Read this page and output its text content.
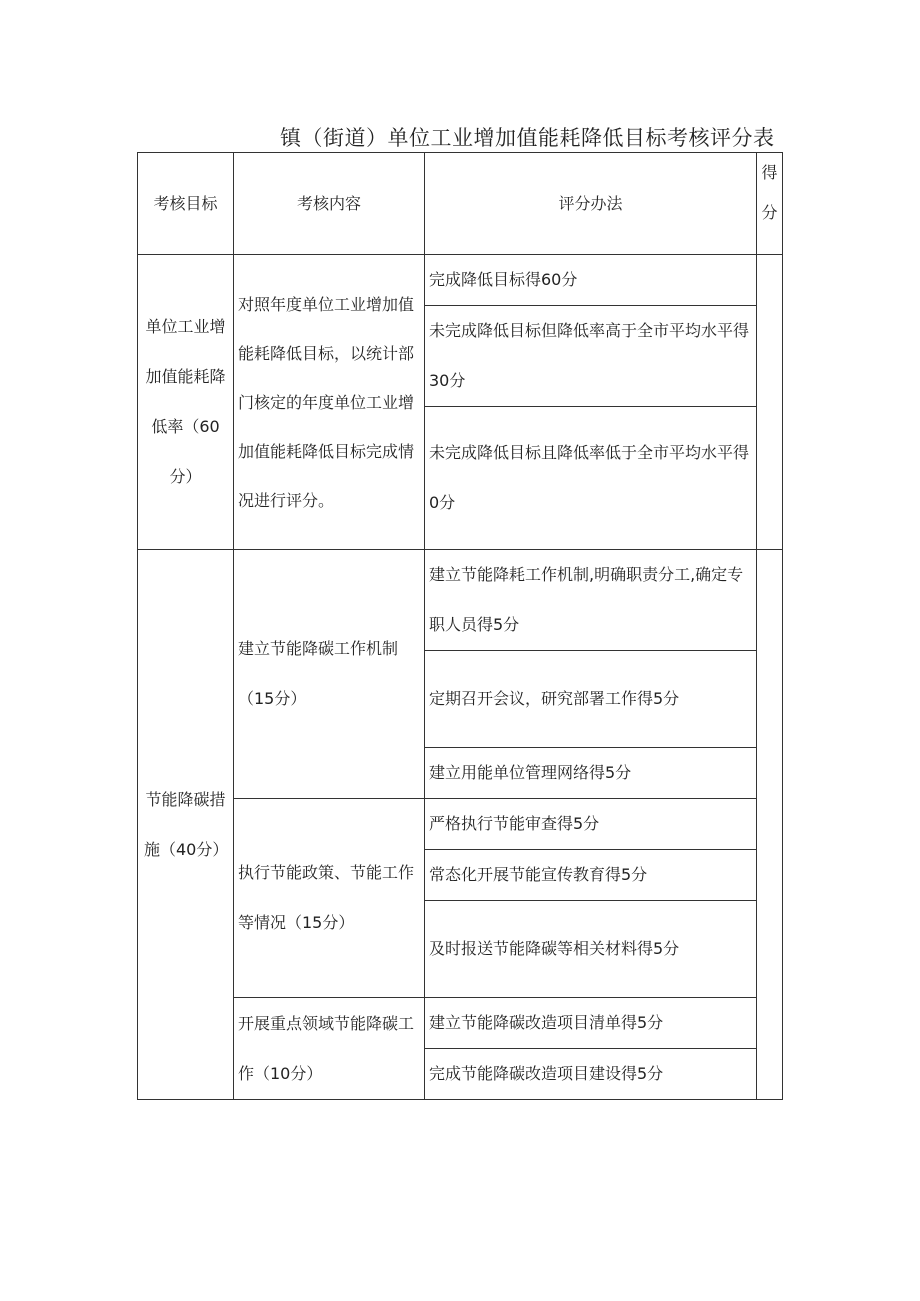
镇（街道）单位工业增加值能耗降低目标考核评分表
考核目标	考核内容	评分办法	得
分

单位工业增加值能耗降低率（60分）	对照年度单位工业增加值能耗降低目标，以统计部门核定的年度单位工业增加值能耗降低目标完成情况进行评分。	完成降低目标得60分	

		未完成降低目标但降低率高于全市平均水平得30分	

		未完成降低目标且降低率低于全市平均水平得0分	

节能降碳措施（40分）	建立节能降碳工作机制（15分）	建立节能降耗工作机制,明确职责分工,确定专职人员得5分	

		定期召开会议，研究部署工作得5分	

		建立用能单位管理网络得5分	

	执行节能政策、节能工作等情况（15分）	严格执行节能审查得5分	
		常态化开展节能宣传教育得5分	

		及时报送节能降碳等相关材料得5分	

	开展重点领域节能降碳工作（10分）	建立节能降碳改造项目清单得5分	
		完成节能降碳改造项目建设得5分	
